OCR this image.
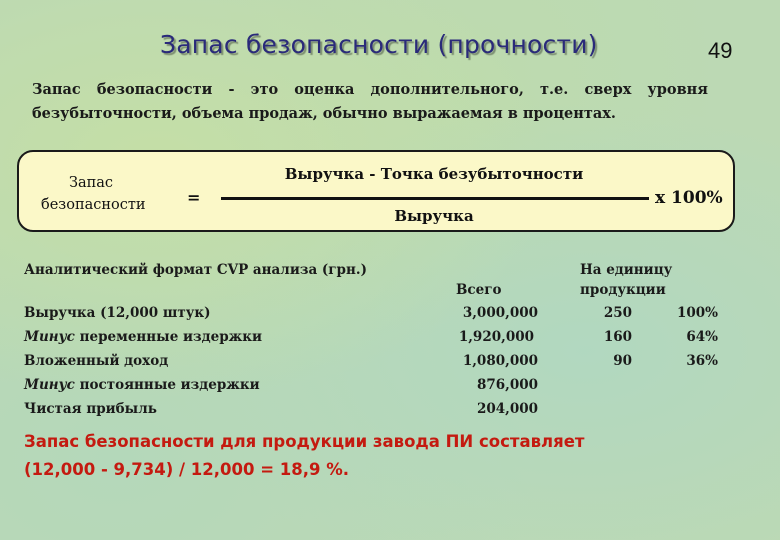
Запас безопасности (прочности)	49
Запас безопасности - это оценка дополнительного, т.е. сверх уровня безубыточности, объема продаж, обычно выражаемая в процентах.
Запас
безопасности	=
Выручка - Точка безубыточности
Выручка
x 100%
Аналитический формат CVP анализа (грн.)
Всего
На единицу
продукции
Выручка (12,000 штук)	3,000,000	250	100%
Минус переменные издержки	1,920,000	160	64%
Вложенный доход	1,080,000	90	36%
Минус постоянные издержки	876,000
Чистая прибыль	204,000
Запас безопасности для продукции завода ПИ составляет
(12,000 - 9,734) / 12,000 = 18,9 %.
